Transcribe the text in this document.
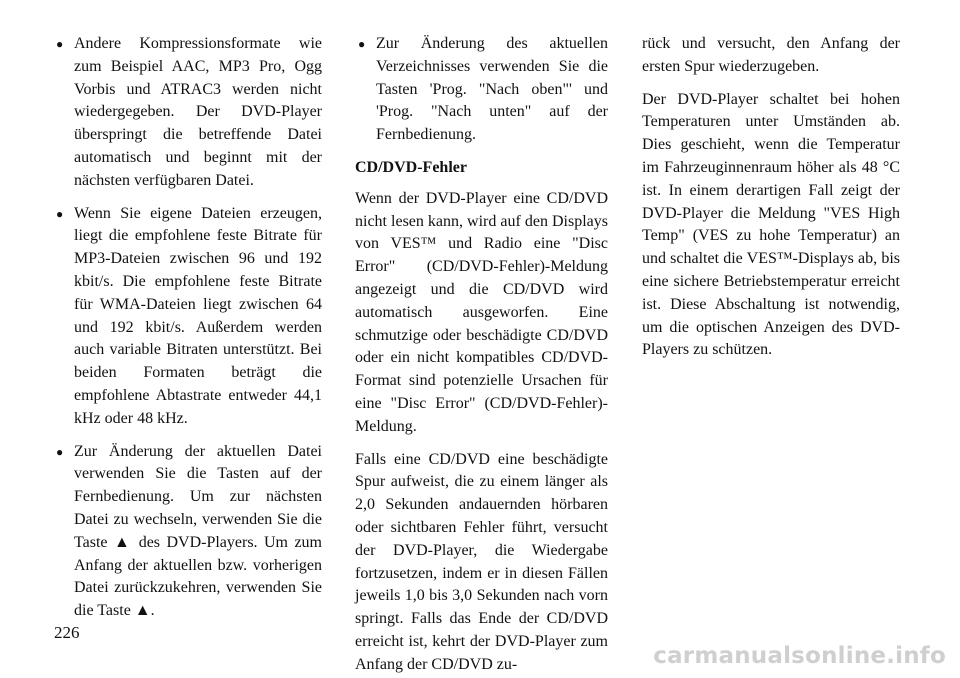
● Andere Kompressionsformate wie zum Beispiel AAC, MP3 Pro, Ogg Vorbis und ATRAC3 werden nicht wiedergegeben. Der DVD-Player überspringt die betreffende Datei automatisch und beginnt mit der nächsten verfügbaren Datei.
● Wenn Sie eigene Dateien erzeugen, liegt die empfohlene feste Bitrate für MP3-Dateien zwischen 96 und 192 kbit/s. Die empfohlene feste Bitrate für WMA-Dateien liegt zwischen 64 und 192 kbit/s. Außerdem werden auch variable Bitraten unterstützt. Bei beiden Formaten beträgt die empfohlene Abtastrate entweder 44,1 kHz oder 48 kHz.
● Zur Änderung der aktuellen Datei verwenden Sie die Tasten auf der Fernbedienung. Um zur nächsten Datei zu wechseln, verwenden Sie die Taste ▲ des DVD-Players. Um zum Anfang der aktuellen bzw. vorherigen Datei zurückzukehren, verwenden Sie die Taste ▲.
● Zur Änderung des aktuellen Verzeichnisses verwenden Sie die Tasten 'Prog. "Nach oben"' und 'Prog. "Nach unten" auf der Fernbedienung.
CD/DVD-Fehler

Wenn der DVD-Player eine CD/DVD nicht lesen kann, wird auf den Displays von VES™ und Radio eine "Disc Error" (CD/DVD-Fehler)-Meldung angezeigt und die CD/DVD wird automatisch ausgeworfen. Eine schmutzige oder beschädigte CD/DVD oder ein nicht kompatibles CD/DVD-Format sind potenzielle Ursachen für eine "Disc Error" (CD/DVD-Fehler)-Meldung.

Falls eine CD/DVD eine beschädigte Spur aufweist, die zu einem länger als 2,0 Sekunden andauernden hörbaren oder sichtbaren Fehler führt, versucht der DVD-Player, die Wiedergabe fortzusetzen, indem er in diesen Fällen jeweils 1,0 bis 3,0 Sekunden nach vorn springt. Falls das Ende der CD/DVD erreicht ist, kehrt der DVD-Player zum Anfang der CD/DVD zu-

rück und versucht, den Anfang der ersten Spur wiederzugeben.

Der DVD-Player schaltet bei hohen Temperaturen unter Umständen ab. Dies geschieht, wenn die Temperatur im Fahrzeuginnenraum höher als 48 °C ist. In einem derartigen Fall zeigt der DVD-Player die Meldung "VES High Temp" (VES zu hohe Temperatur) an und schaltet die VES™-Displays ab, bis eine sichere Betriebstemperatur erreicht ist. Diese Abschaltung ist notwendig, um die optischen Anzeigen des DVD-Players zu schützen.

226
carmanualsonline.info
